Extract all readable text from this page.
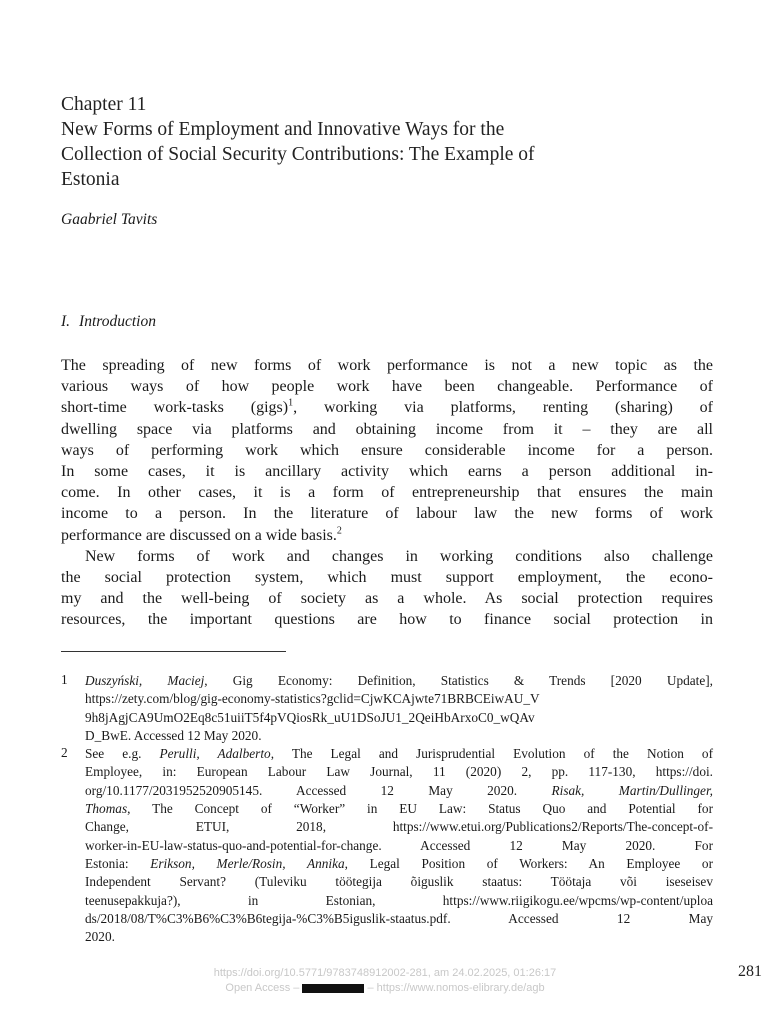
Chapter 11
New Forms of Employment and Innovative Ways for the
Collection of Social Security Contributions: The Example of
Estonia
Gaabriel Tavits
I. Introduction
The spreading of new forms of work performance is not a new topic as the
various ways of how people work have been changeable. Performance of
short-time work-tasks (gigs)$^1$, working via platforms, renting (sharing) of
dwelling space via platforms and obtaining income from it – they are all
ways of performing work which ensure considerable income for a person.
In some cases, it is ancillary activity which earns a person additional in-
come. In other cases, it is a form of entrepreneurship that ensures the main
income to a person. In the literature of labour law the new forms of work
performance are discussed on a wide basis.$^2$
New forms of work and changes in working conditions also challenge
the social protection system, which must support employment, the econo-
my and the well-being of society as a whole. As social protection requires
resources, the important questions are how to finance social protection in
1 Duszyński, Maciej, Gig Economy: Definition, Statistics & Trends [2020 Update],
https://zety.com/blog/gig-economy-statistics?gclid=CjwKCAjwte71BRBCEiwAU_V
9h8jAgjCA9UmO2Eq8c51uiiT5f4pVQiosRk_uU1DSoJU1_2QeiHbArxoC0_wQAv
D_BwE. Accessed 12 May 2020.
2 See e.g. Perulli, Adalberto, The Legal and Jurisprudential Evolution of the Notion of
Employee, in: European Labour Law Journal, 11 (2020) 2, pp. 117-130, https://doi.
org/10.1177/2031952520905145. Accessed 12 May 2020. Risak, Martin/Dullinger,
Thomas, The Concept of “Worker” in EU Law: Status Quo and Potential for
Change, ETUI, 2018, https://www.etui.org/Publications2/Reports/The-concept-of-
worker-in-EU-law-status-quo-and-potential-for-change. Accessed 12 May 2020. For
Estonia: Erikson, Merle/Rosin, Annika, Legal Position of Workers: An Employee or
Independent Servant? (Tuleviku töötegija õiguslik staatus: Töötaja või iseseisev
teenusepakkuja?), in Estonian, https://www.riigikogu.ee/wpcms/wp-content/uploa
ds/2018/08/T%C3%B6%C3%B6tegija-%C3%B5iguslik-staatus.pdf. Accessed 12 May
2020.
281
https://doi.org/10.5771/9783748912002-281, am 24.02.2025, 01:26:17
Open Access –	– https://www.nomos-elibrary.de/agb
